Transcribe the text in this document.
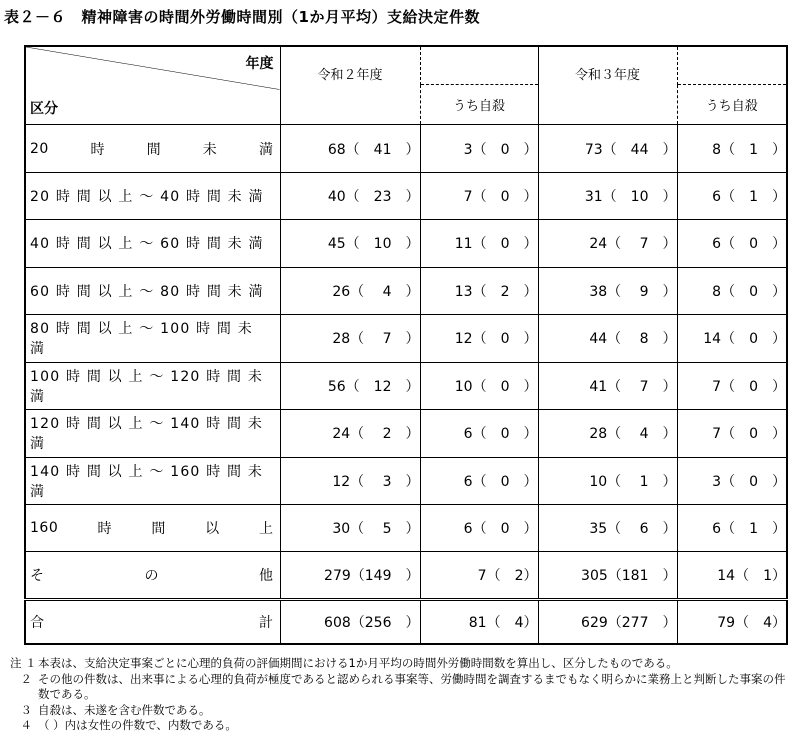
表２－６　精神障害の時間外労働時間別（1か月平均）支給決定件数
年度
区分	令和２年度		令和３年度	

		うち自殺		うち自殺

20 時 間 未 満	68（　41　）	3（　0　）	73（　44　）	8（　1　）

20 時 間 以 上 ～ 40 時 間 未 満	40（　23　）	7（　0　）	31（　10　）	6（　1　）

40 時 間 以 上 ～ 60 時 間 未 満	45（　10　）	11（　0　）	24（　 7　）	6（　0　）

60 時 間 以 上 ～ 80 時 間 未 満	26（　 4　）	13（　2　）	38（　 9　）	8（　0　）

80 時 間 以 上 ～ 100 時 間 未 満	28（　 7　）	12（　0　）	44（　 8　）	14（　0　）

100 時 間 以 上 ～ 120 時 間 未 満	56（　12　）	10（　0　）	41（　 7　）	7（　0　）

120 時 間 以 上 ～ 140 時 間 未 満	24（　 2　）	6（　0　）	28（　 4　）	7（　0　）

140 時 間 以 上 ～ 160 時 間 未 満	12（　 3　）	6（　0　）	10（　 1　）	3（　0　）

160 時 間 以 上	30（　 5　）	6（　0　）	35（　 6　）	6（　1　）

そ の 他	279（149　）	7（　2）	305（181　）	14（　1）

合 計	608（256　）	81（　4）	629（277　）	79（　4）
注 １ 本表は、支給決定事案ごとに心理的負荷の評価期間における1か月平均の時間外労働時間数を算出し、区分したものである。
２ その他の件数は、出来事による心理的負荷が極度であると認められる事案等、労働時間を調査するまでもなく明らかに業務上と判断した事案の件数である。
３ 自殺は、未遂を含む件数である。
４ （ ）内は女性の件数で、内数である。
